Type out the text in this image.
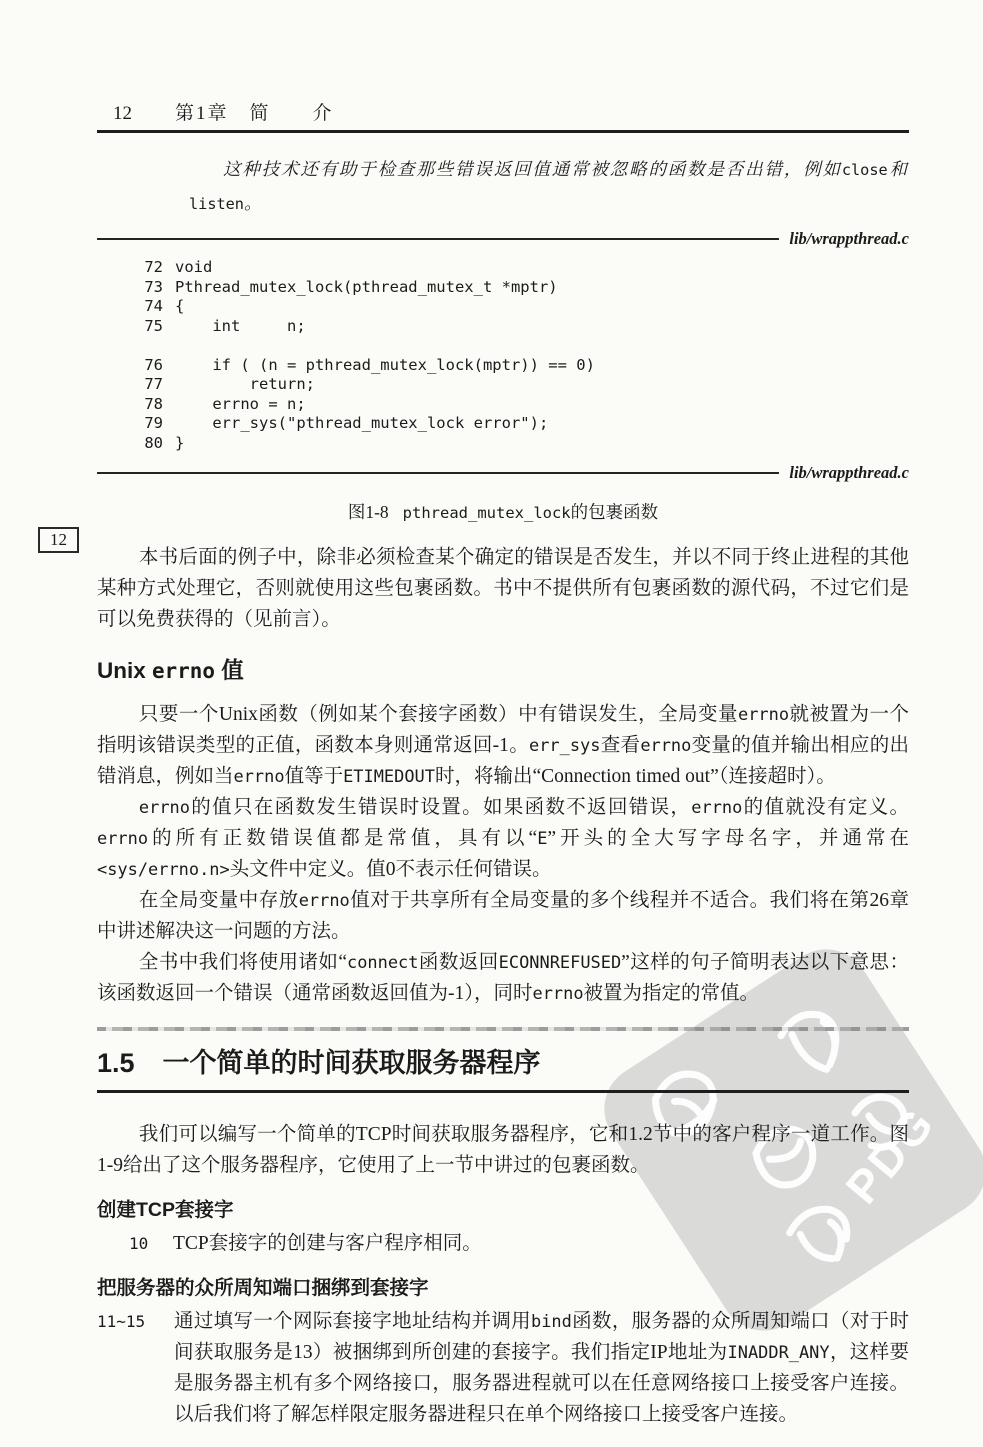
PDG
12
12	第1章　简　　介
这种技术还有助于检查那些错误返回值通常被忽略的函数是否出错，例如close和listen。
lib/wrappthread.c
72 void
73 Pthread_mutex_lock(pthread_mutex_t *mptr)
74 {
75 int     n;
76 if ( (n = pthread_mutex_lock(mptr)) == 0)
77 return;
78 errno = n;
79 err_sys("pthread_mutex_lock error");
80 }
lib/wrappthread.c
图1-8 pthread_mutex_lock的包裹函数

本书后面的例子中，除非必须检查某个确定的错误是否发生，并以不同于终止进程的其他某种方式处理它，否则就使用这些包裹函数。书中不提供所有包裹函数的源代码，不过它们是可以免费获得的（见前言）。

Unix errno 值

只要一个Unix函数（例如某个套接字函数）中有错误发生，全局变量errno就被置为一个指明该错误类型的正值，函数本身则通常返回-1。err_sys查看errno变量的值并输出相应的出错消息，例如当errno值等于ETIMEDOUT时，将输出“Connection timed out”（连接超时）。

errno的值只在函数发生错误时设置。如果函数不返回错误，errno的值就没有定义。errno的所有正数错误值都是常值，具有以“E”开头的全大写字母名字，并通常在<sys/errno.n>头文件中定义。值0不表示任何错误。

在全局变量中存放errno值对于共享所有全局变量的多个线程并不适合。我们将在第26章中讲述解决这一问题的方法。

全书中我们将使用诸如“connect函数返回ECONNREFUSED”这样的句子简明表达以下意思：该函数返回一个错误（通常函数返回值为-1），同时errno被置为指定的常值。

1.5 一个简单的时间获取服务器程序

我们可以编写一个简单的TCP时间获取服务器程序，它和1.2节中的客户程序一道工作。图1-9给出了这个服务器程序，它使用了上一节中讲过的包裹函数。

创建TCP套接字
10	TCP套接字的创建与客户程序相同。
把服务器的众所周知端口捆绑到套接字
11~15	通过填写一个网际套接字地址结构并调用bind函数，服务器的众所周知端口（对于时间获取服务是13）被捆绑到所创建的套接字。我们指定IP地址为INADDR_ANY，这样要是服务器主机有多个网络接口，服务器进程就可以在任意网络接口上接受客户连接。以后我们将了解怎样限定服务器进程只在单个网络接口上接受客户连接。
